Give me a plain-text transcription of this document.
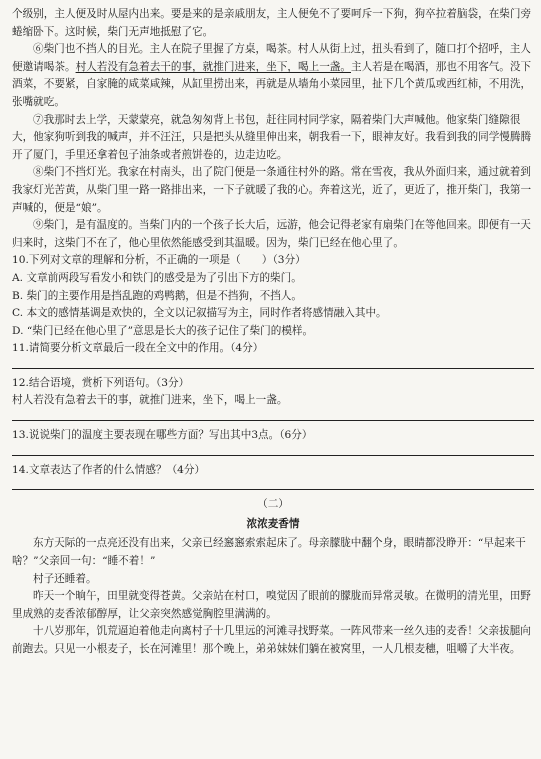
个级别，主人便及时从屋内出来。要是来的是亲戚朋友，主人便免不了要呵斥一下狗，狗卒拉着脑袋，在柴门旁蜷缩卧下。这时候，柴门无声地抵慰了它。

⑥柴门也不挡人的目光。主人在院子里握了方桌，喝茶。村人从街上过，扭头看到了，随口打个招呼，主人便邀请喝茶。村人若没有急着去干的事，就推门进来，坐下，喝上一盏。主人若是在喝酒，那也不用客气。没下酒菜，不要紧，自家腌的咸菜咸辣，从缸里捞出来，再就是从墙角小菜园里，扯下几个黄瓜或西红柿，不用洗，张嘴就吃。

⑦我那时去上学，天蒙蒙亮，就急匆匆背上书包，赶往同村同学家，隔着柴门大声喊他。他家柴门缝隙很大，他家狗听到我的喊声，并不汪汪，只是把头从缝里伸出来，朝我看一下，眼神友好。我看到我的同学慢腾腾开了厦门，手里还拿着包子油条或者煎饼卷的，边走边吃。

⑧柴门不挡灯光。我家在村南头，出了院门便是一条通往村外的路。常在雪夜，我从外面归来，通过就着到我家灯光苦黄，从柴门里一路一路排出来，一下子就暖了我的心。奔着这光，近了，更近了，推开柴门，我第一声喊的，便是“娘”。

⑨柴门，是有温度的。当柴门内的一个孩子长大后，远游，他会记得老家有扇柴门在等他回来。即便有一天归来时，这柴门不在了，他心里依然能感受到其温暖。因为，柴门已经在他心里了。

10.下列对文章的理解和分析，不正确的一项是（　　）（3分）

A. 文章前两段写看发小和铁门的感受是为了引出下方的柴门。

B. 柴门的主要作用是挡乱跑的鸡鸭鹅，但是不挡狗，不挡人。

C. 本文的感情基调是欢快的，全文以记叙描写为主，同时作者将感情融入其中。

D. “柴门已经在他心里了”意思是长大的孩子记住了柴门的模样。

11.请简要分析文章最后一段在全文中的作用。（4分）

12.结合语境，赏析下列语句。（3分）

村人若没有急着去干的事，就推门进来，坐下，喝上一盏。

13.说说柴门的温度主要表现在哪些方面？写出其中3点。（6分）

14.文章表达了作者的什么情感？（4分）

（二）

浓浓麦香情

东方天际的一点亮还没有出来，父亲已经窸窸索索起床了。母亲朦胧中翻个身，眼睛都没睁开：“早起来干啥？”父亲回一句：“睡不着！”

村子还睡着。

昨天一个晌午，田里就变得苍黄。父亲站在村口，嗅觉因了眼前的朦胧而异常灵敏。在微明的清光里，田野里成熟的麦香浓郁醇厚，让父亲突然感觉胸腔里满满的。

十八岁那年，饥荒逼迫着他走向离村子十几里远的河滩寻找野菜。一阵风带来一丝久违的麦香！父亲拔腿向前跑去。只见一小根麦子，长在河滩里！那个晚上，弟弟妹妹们躺在被窝里，一人几根麦穗，咀嚼了大半夜。
